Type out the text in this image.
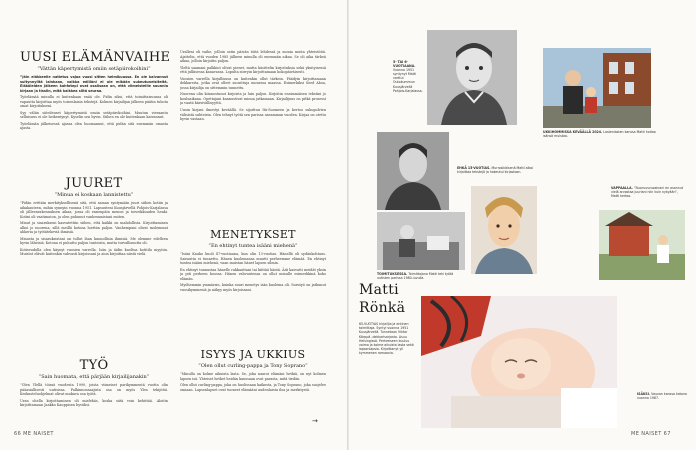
UUSI ELÄMÄNVAIHE
”Vättän käpertymistä omiin setäpiirokoihini”

”Jäin eläkkeelle natietus vajaa vuosi sitten helmikuussa. En ole kaivannut suitynnyiltä lainkaan, vaikka edilläni ei ole mikään sukeutuneisiteltä. Eläköleiden jälkeen kahfotepi ovat osallsaan on, että viimeisteille suunnia kirjaan ja tissiin, mitä kaikkea siitä seuraa.

Työelämää minulla ei kuitenkaan enää ole. Pidin siksi, että toimittaisuussa oli vapautta kirjoittaa myös toisenlaisia tekstejä. Kolmen kirjailijan jälkeen päätin tuhota omat kirjoitukseni.

Syy väliin säteileuset käpertymistä omiin setäpiirokoihini. Muutun vieraantu selluisuus ei ole heikentynyt. Kyselin sen hyvin. Siihen en ole kuitenkaan kaivannut.

Työelämän jälkeisessä ajassa olen huomannut, että pidän sitä enemmän omasta ajasta.

JUURET
”Minua ei koskaan lannistettu”

”Pidän erittäin merkityksellisenä sitä, että saman syntymään juuri siihen kotiin ja aikakauteen, mihin synnyin vuonna 1951. Lapsuuteni Kuusjärvellä Pohjois-Karjalassa oli jälleenrakennuksen aikaa, jossa oli ennenpäin menon ja toiveikkuuden henki. Kotini oli vaatimaton, ja olen puhunut vanhemmistani eniten.

Minut ja sisarukseni kasvatettiin siihen, että kaikki on mahdollista. Kirjoittaminen alkoi jo nuorena, sillä meillä kotona luettiin paljon. Vanhempani olivat molemmat ahkeria ja työtätekeviä ihmisiä.

Minusta ja sisaruksistani on tullut ihan kunnollisia ihmisiä. Me olemme edelleen hyvin läheisiä. Kotona ei puhuttu paljon tunteista, mutta turvallisuutta oli.

Kotiseudulla olen käynyt vuosien varrella. Isän ja äidin kuoltua kotitila myytiin. Muistot elävät kuitenkin vahvasti kirjoissani ja aion kirjoittaa niistä vielä.

TYÖ
”Sain huomata, että pärjään kirjailijanakin”

”Olen Ylellä töissä vuodesta 1990, joista viimeiset parikymmentä vuotta olin pääasiallisesti uutisissa. Palkinnonsaajista osa on myös Ylen tekijöitä. Keskusteluohjelmat olivat mukava osa työtä.

Uran ohella kirjoittaminen oli mielekäs, koska siitä voin kehittää. Aloitin kirjoittamaan Jaakko Kauppisen hyväksi.

Uralleni oli vaihe, jolloin ostin päivän töitä lehdessä ja monia muita yhteistöitä. Ajattelin, että vuoden 1985 jälkeen minulla oli enemmän aikaa. Se oli aika tärkeä aikaa, jolloin kirjoitin paljon.

Yleltä saamani palkkiot olivat pienet, mutta käsittelin kirjoituksia sekä yksityisessä että julkisessa kanavassa. Lopulta siirryin kirjoittamaan kokopäiväisesti.

Vuosien varrella kirjallisuus on kuitenkin ollut tärkein. Päädyin kirjoittamaan dekkareita, jotka ovat olleet suosittuja monessa maassa. Esimerkiksi Seed Aboa, jossa kirjailija on sittemmin tunnettu.

Nuorena olin kiinnostunut kirjoista ja luin paljon. Kirjoitin ensimmäisen tekstini jo kouluaikana. Opettajani kannustivat minua jatkamaan. Kirjailijuus on pitkä prosessi ja vaatii kärsivällisyyttä.

Uusin kirjani ilmestyi keväällä. Se sijoittuu Itä-Suomeen ja kertoo sukupolvien välisistä suhteista. Olen tehnyt työtä sen parissa useamman vuoden. Kirjaa on otettu hyvin vastaan.

MENETYKSET
”En ehtinyt tuntea isääni miehenä”

”Isäni Kauko kuoli 47-vuotiaana, kun olin 13-vuotias. Hänellä oli sydänkohtaus. Sairautta ei tunnettu. Hänen kuolemansa muutti perheemme elämää. En ehtinyt tuntea isääni miehenä, vaan muistan hänet lapsen silmin.

En ehtinyt tunnustaa hänelle rakkauttani tai kiittää häntä. Äiti kasvatti meidät yksin ja piti perheen koossa. Hänen vahvuutensa on ollut minulle esimerkkinä koko elämän.

Myöhemmin ymmärsin, kuinka suuri menetys isän kuolema oli. Surutyö on jatkunut vuosikymmeniä ja näkyy myös kirjoissani.

ISYYS JA UKKIUS
”Olen ollut curling-pappa ja Tony Soprano”

”Minulla on kolme aikuista lasta. Se, joka nauroi elämäni hetkiä, on nyt kolmen lapsen isä. Yhteiset hetket heidän kanssaan ovat parasta, mitä tiedän.

Olen ollut curling-pappa, joka on huolissaan kaikesta, ja Tony Soprano, joka suojelee omiaan. Lapsenlapset ovat tuoneet elämääni uudenlaista iloa ja merkitystä.

→
66 ME NAISET
5- TAI 6-VUOTIAANA. Vuonna 1951 syntynyt Matti varttui Outokummun Kuusjärvellä Pohjois-Karjalassa.
UKKIHOMMISSA KEVÄÄLLÄ 2024. Lastenlasten kanssa Matti hoitaa isänsä muistoa.
EHKÄ 15-VUOTIAS. Murrosikäisenä Matti alkoi kirjoittaa tekstejä ja hakeutui kirjastoon.
TOIMITUKSESSA. Toimittajana Matti teki työtä uutisten parissa 1980-luvulla.
VAPPAALLA. ”Nuoruusvuosinani en osannut vielä arvostaa juuriani niin kuin nykyään”, Matti kertoo.
Matti
Rönkä
65-VUOTIAS kirjailija ja entinen toimittaja. Syntyi vuonna 1951 Kuusjärvellä. Tunnetaan Viktor Kärppä -dekkarisarjasta. Asuu Helsingissä. Perheeseen kuuluu vaimo ja kolme aikuista lasta sekä lapsenlapsia. Kirjoittanyt yli kymmenen romaania.
ISÄKSI. Vauvan kanssa kotona vuonna 1987.
ME NAISET 67
